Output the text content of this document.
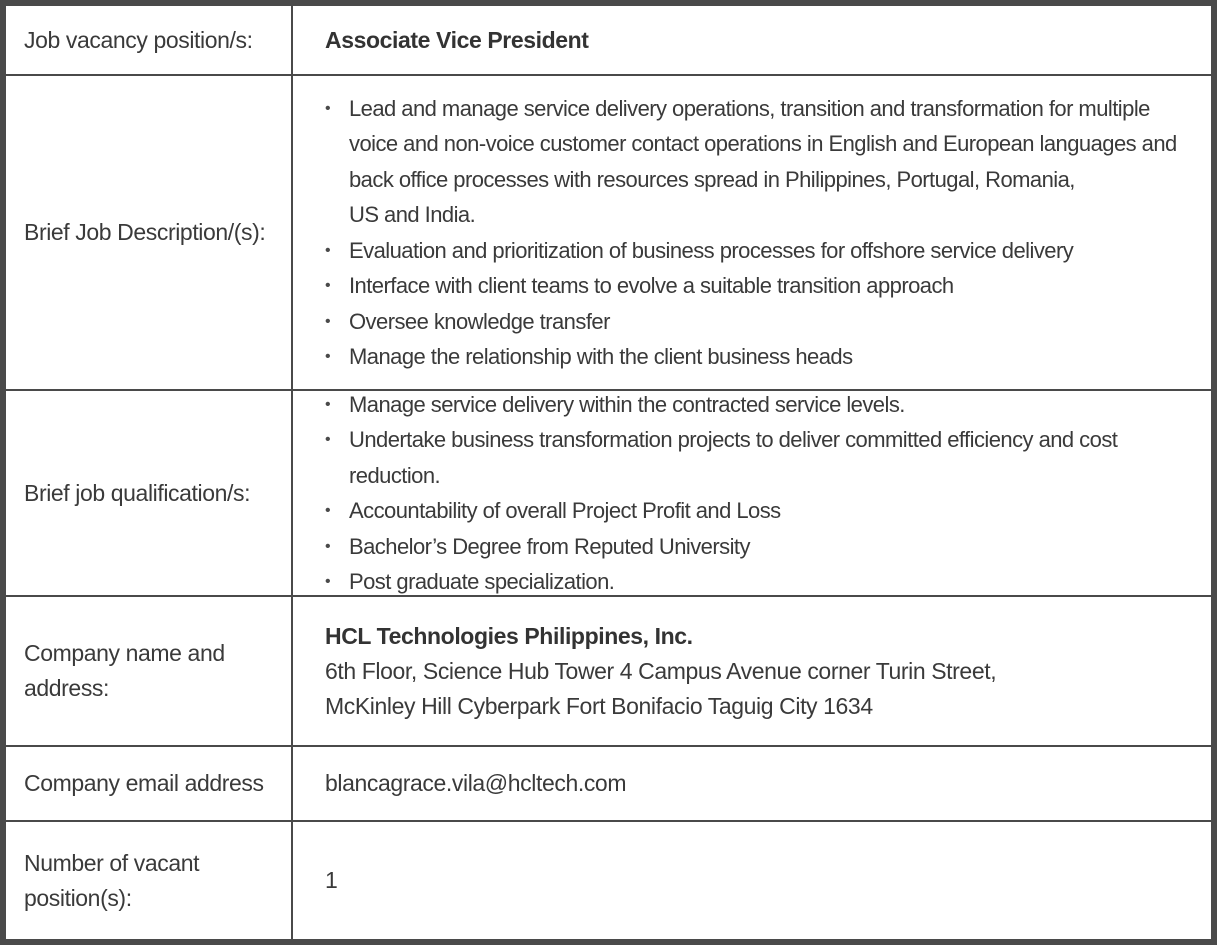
Job vacancy position/s:	Associate Vice President
Brief Job Description/(s):
• Lead and manage service delivery operations, transition and transformation for multiple voice and non-voice customer contact operations in English and European languages and back office processes with resources spread in Philippines, Portugal, Romania,
US and India.
• Evaluation and prioritization of business processes for offshore service delivery
• Interface with client teams to evolve a suitable transition approach
• Oversee knowledge transfer
• Manage the relationship with the client business heads
Brief job qualification/s:
• Manage service delivery within the contracted service levels.
• Undertake business transformation projects to deliver committed efficiency and cost reduction.
• Accountability of overall Project Profit and Loss
• Bachelor’s Degree from Reputed University
• Post graduate specialization.
Company name and address:
HCL Technologies Philippines, Inc.
6th Floor, Science Hub Tower 4 Campus Avenue corner Turin Street,
McKinley Hill Cyberpark Fort Bonifacio Taguig City 1634
Company email address	blancagrace.vila@hcltech.com
Number of vacant position(s):
1
